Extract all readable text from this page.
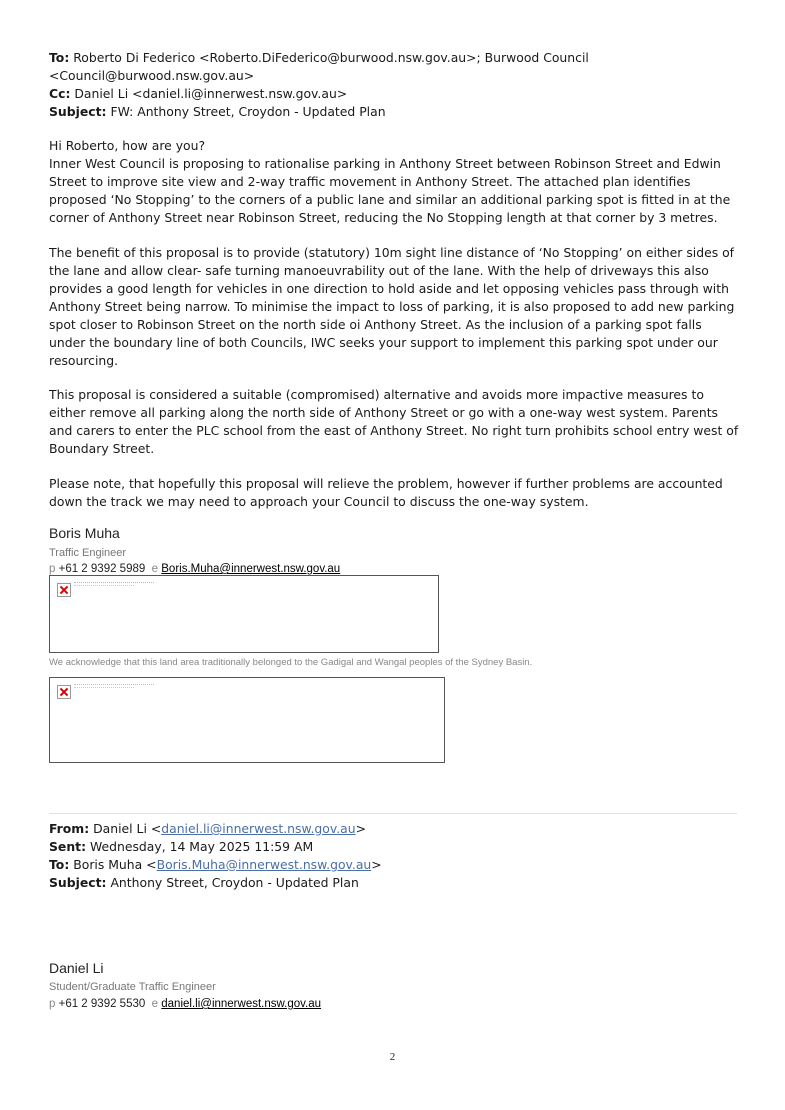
To: Roberto Di Federico <Roberto.DiFederico@burwood.nsw.gov.au>; Burwood Council
<Council@burwood.nsw.gov.au>
Cc: Daniel Li <daniel.li@innerwest.nsw.gov.au>
Subject: FW: Anthony Street, Croydon - Updated Plan

Hi Roberto, how are you?

Inner West Council is proposing to rationalise parking in Anthony Street between Robinson Street and Edwin Street to improve site view and 2-way traffic movement in Anthony Street. The attached plan identifies proposed ‘No Stopping’ to the corners of a public lane and similar an additional parking spot is fitted in at the corner of Anthony Street near Robinson Street, reducing the No Stopping length at that corner by 3 metres.

The benefit of this proposal is to provide (statutory) 10m sight line distance of ‘No Stopping’ on either sides of the lane and allow clear- safe turning manoeuvrability out of the lane. With the help of driveways this also provides a good length for vehicles in one direction to hold aside and let opposing vehicles pass through with Anthony Street being narrow. To minimise the impact to loss of parking, it is also proposed to add new parking spot closer to Robinson Street on the north side oi Anthony Street. As the inclusion of a parking spot falls under the boundary line of both Councils, IWC seeks your support to implement this parking spot under our resourcing.

This proposal is considered a suitable (compromised) alternative and avoids more impactive measures to either remove all parking along the north side of Anthony Street or go with a one-way west system. Parents and carers to enter the PLC school from the east of Anthony Street. No right turn prohibits school entry west of Boundary Street.

Please note, that hopefully this proposal will relieve the problem, however if further problems are accounted down the track we may need to approach your Council to discuss the one-way system.

Boris Muha
Traffic Engineer
p +61 2 9392 5989 e Boris.Muha@innerwest.nsw.gov.au
We acknowledge that this land area traditionally belonged to the Gadigal and Wangal peoples of the Sydney Basin.
From: Daniel Li <daniel.li@innerwest.nsw.gov.au>
Sent: Wednesday, 14 May 2025 11:59 AM
To: Boris Muha <Boris.Muha@innerwest.nsw.gov.au>
Subject: Anthony Street, Croydon - Updated Plan
Daniel Li
Student/Graduate Traffic Engineer
p +61 2 9392 5530 e daniel.li@innerwest.nsw.gov.au
2
